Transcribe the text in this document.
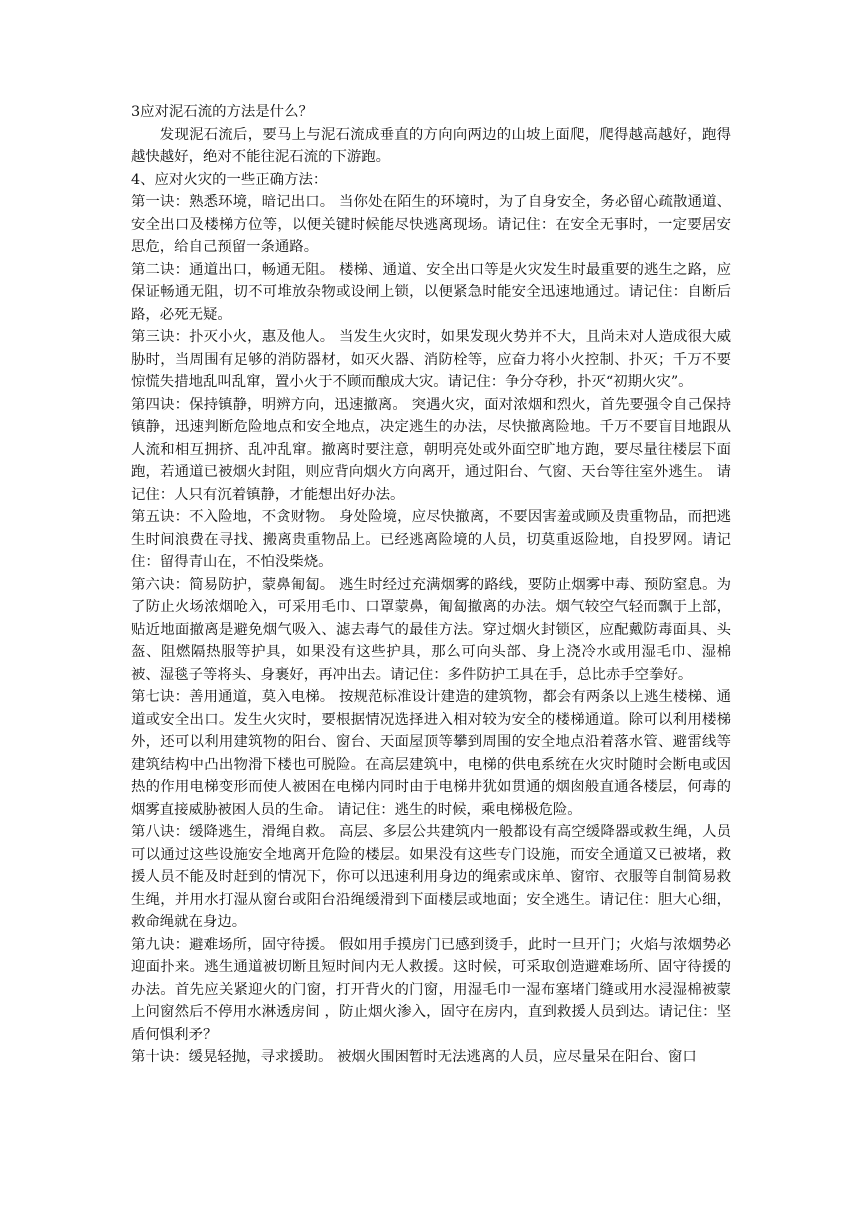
3应对泥石流的方法是什么？

发现泥石流后，要马上与泥石流成垂直的方向向两边的山坡上面爬，爬得越高越好，跑得越快越好，绝对不能往泥石流的下游跑。

4、应对火灾的一些正确方法：

第一诀：熟悉环境，暗记出口。 当你处在陌生的环境时，为了自身安全，务必留心疏散通道、安全出口及楼梯方位等，以便关键时候能尽快逃离现场。请记住：在安全无事时，一定要居安思危，给自己预留一条通路。

第二诀：通道出口，畅通无阻。 楼梯、通道、安全出口等是火灾发生时最重要的逃生之路，应保证畅通无阻，切不可堆放杂物或设闸上锁，以便紧急时能安全迅速地通过。请记住：自断后路，必死无疑。

第三诀：扑灭小火，惠及他人。 当发生火灾时，如果发现火势并不大，且尚未对人造成很大威胁时，当周围有足够的消防器材，如灭火器、消防栓等，应奋力将小火控制、扑灭；千万不要惊慌失措地乱叫乱窜，置小火于不顾而酿成大灾。请记住：争分夺秒，扑灭“初期火灾”。

第四诀：保持镇静，明辨方向，迅速撤离。 突遇火灾，面对浓烟和烈火，首先要强令自己保持镇静，迅速判断危险地点和安全地点，决定逃生的办法，尽快撤离险地。千万不要盲目地跟从人流和相互拥挤、乱冲乱窜。撤离时要注意，朝明亮处或外面空旷地方跑，要尽量往楼层下面跑，若通道已被烟火封阻，则应背向烟火方向离开，通过阳台、气窗、天台等往室外逃生。 请记住：人只有沉着镇静，才能想出好办法。

第五诀：不入险地，不贪财物。 身处险境，应尽快撤离，不要因害羞或顾及贵重物品，而把逃生时间浪费在寻找、搬离贵重物品上。已经逃离险境的人员，切莫重返险地，自投罗网。请记住：留得青山在，不怕没柴烧。

第六诀：简易防护，蒙鼻匍匐。 逃生时经过充满烟雾的路线，要防止烟雾中毒、预防窒息。为了防止火场浓烟呛入，可采用毛巾、口罩蒙鼻，匍匐撤离的办法。烟气较空气轻而飘于上部，贴近地面撤离是避免烟气吸入、滤去毒气的最佳方法。穿过烟火封锁区，应配戴防毒面具、头盔、阻燃隔热服等护具，如果没有这些护具，那么可向头部、身上浇冷水或用湿毛巾、湿棉被、湿毯子等将头、身裹好，再冲出去。请记住：多件防护工具在手，总比赤手空拳好。

第七诀：善用通道，莫入电梯。 按规范标准设计建造的建筑物，都会有两条以上逃生楼梯、通道或安全出口。发生火灾时，要根据情况选择进入相对较为安全的楼梯通道。除可以利用楼梯外，还可以利用建筑物的阳台、窗台、天面屋顶等攀到周围的安全地点沿着落水管、避雷线等建筑结构中凸出物滑下楼也可脱险。在高层建筑中，电梯的供电系统在火灾时随时会断电或因热的作用电梯变形而使人被困在电梯内同时由于电梯井犹如贯通的烟囱般直通各楼层，何毒的烟雾直接威胁被困人员的生命。 请记住：逃生的时候，乘电梯极危险。

第八诀：缓降逃生，滑绳自救。 高层、多层公共建筑内一般都设有高空缓降器或救生绳，人员可以通过这些设施安全地离开危险的楼层。如果没有这些专门设施，而安全通道又已被堵，救援人员不能及时赶到的情况下，你可以迅速利用身边的绳索或床单、窗帘、衣服等自制简易救生绳，并用水打湿从窗台或阳台沿绳缓滑到下面楼层或地面；安全逃生。请记住：胆大心细，救命绳就在身边。

第九诀：避难场所，固守待援。 假如用手摸房门已感到烫手，此时一旦开门；火焰与浓烟势必迎面扑来。逃生通道被切断且短时间内无人救援。这时候，可采取创造避难场所、固守待援的办法。首先应关紧迎火的门窗，打开背火的门窗，用湿毛巾一湿布塞堵门缝或用水浸湿棉被蒙上问窗然后不停用水淋透房间 ，防止烟火渗入，固守在房内，直到救援人员到达。请记住：坚盾何惧利矛？

第十诀：缓晃轻抛，寻求援助。 被烟火围困暂时无法逃离的人员，应尽量呆在阳台、窗口
